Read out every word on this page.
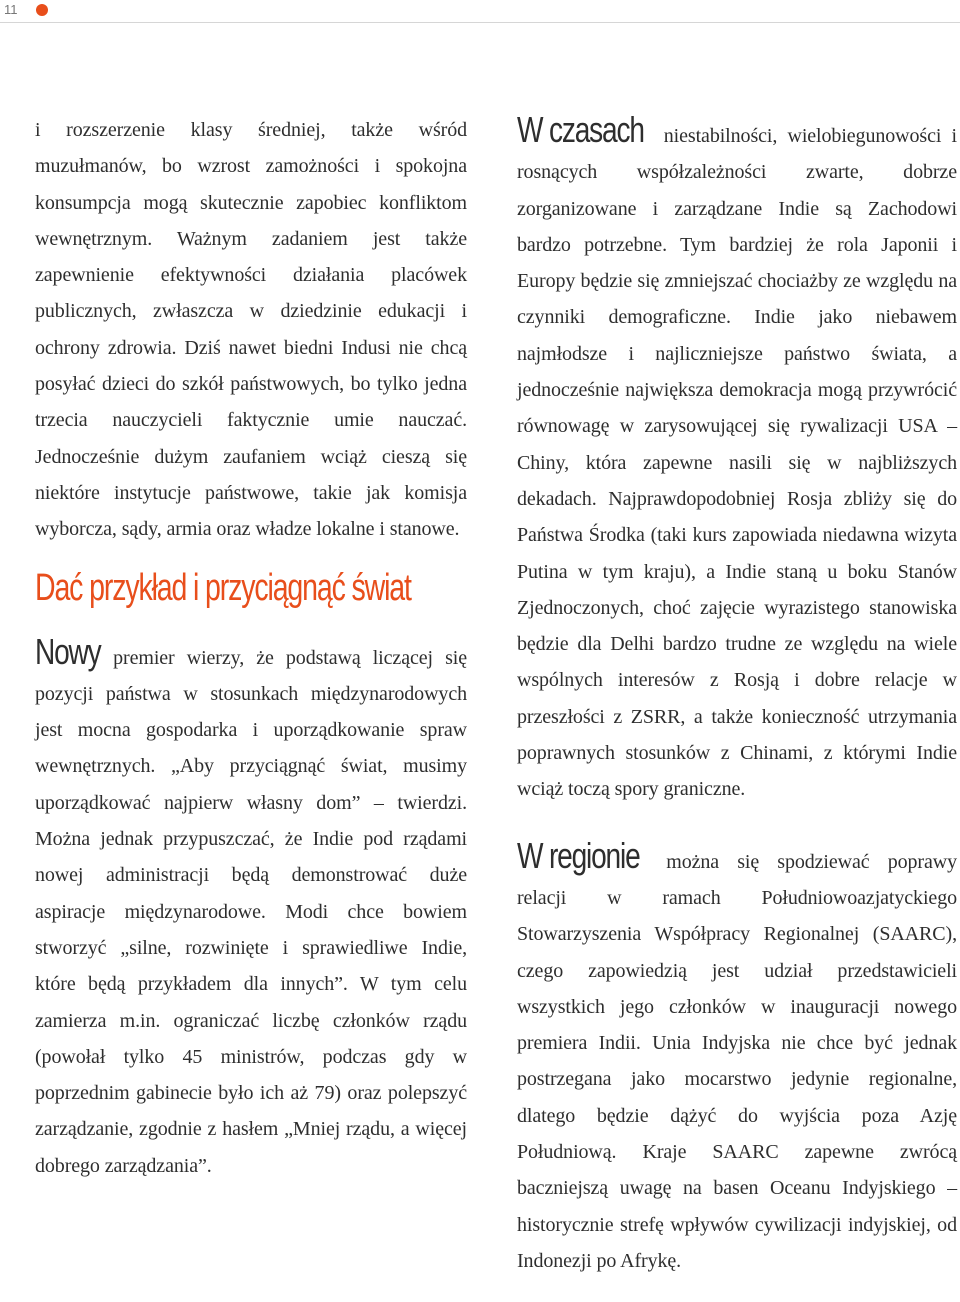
11

i rozszerzenie klasy średniej, także wśród muzułmanów, bo wzrost zamożności i spokojna konsumpcja mogą skutecznie zapobiec konfliktom wewnętrznym. Ważnym zadaniem jest także zapewnienie efektywności działania placówek publicznych, zwłaszcza w dziedzinie edukacji i ochrony zdrowia. Dziś nawet biedni Indusi nie chcą posyłać dzieci do szkół państwowych, bo tylko jedna trzecia nauczycieli faktycznie umie nauczać. Jednocześnie dużym zaufaniem wciąż cieszą się niektóre instytucje państwowe, takie jak komisja wyborcza, sądy, armia oraz władze lokalne i stanowe.

Dać przykład i przyciągnąć świat

Nowy premier wierzy, że podstawą liczącej się pozycji państwa w stosunkach międzynarodowych jest mocna gospodarka i uporządkowanie spraw wewnętrznych. „Aby przyciągnąć świat, musimy uporządkować najpierw własny dom” – twierdzi. Można jednak przypuszczać, że Indie pod rządami nowej administracji będą demonstrować duże aspiracje międzynarodowe. Modi chce bowiem stworzyć „silne, rozwinięte i sprawiedliwe Indie, które będą przykładem dla innych”. W tym celu zamierza m.in. ograniczać liczbę członków rządu (powołał tylko 45 ministrów, podczas gdy w poprzednim gabinecie było ich aż 79) oraz polepszyć zarządzanie, zgodnie z hasłem „Mniej rządu, a więcej dobrego zarządzania”.

W czasach niestabilności, wielobiegunowości i rosnących współzależności zwarte, dobrze zorganizowane i zarządzane Indie są Zachodowi bardzo potrzebne. Tym bardziej że rola Japonii i Europy będzie się zmniejszać chociażby ze względu na czynniki demograficzne. Indie jako niebawem najmłodsze i najliczniejsze państwo świata, a jednocześnie największa demokracja mogą przywrócić równowagę w zarysowującej się rywalizacji USA – Chiny, która zapewne nasili się w najbliższych dekadach. Najprawdopodobniej Rosja zbliży się do Państwa Środka (taki kurs zapowiada niedawna wizyta Putina w tym kraju), a Indie staną u boku Stanów Zjednoczonych, choć zajęcie wyrazistego stanowiska będzie dla Delhi bardzo trudne ze względu na wiele wspólnych interesów z Rosją i dobre relacje w przeszłości z ZSRR, a także konieczność utrzymania poprawnych stosunków z Chinami, z którymi Indie wciąż toczą spory graniczne.

W regionie można się spodziewać poprawy relacji w ramach Południowoazjatyckiego Stowarzyszenia Współpracy Regionalnej (SAARC), czego zapowiedzią jest udział przedstawicieli wszystkich jego członków w inauguracji nowego premiera Indii. Unia Indyjska nie chce być jednak postrzegana jako mocarstwo jedynie regionalne, dlatego będzie dążyć do wyjścia poza Azję Południową. Kraje SAARC zapewne zwrócą baczniejszą uwagę na basen Oceanu Indyjskiego – historycznie strefę wpływów cywilizacji indyjskiej, od Indonezji po Afrykę.
